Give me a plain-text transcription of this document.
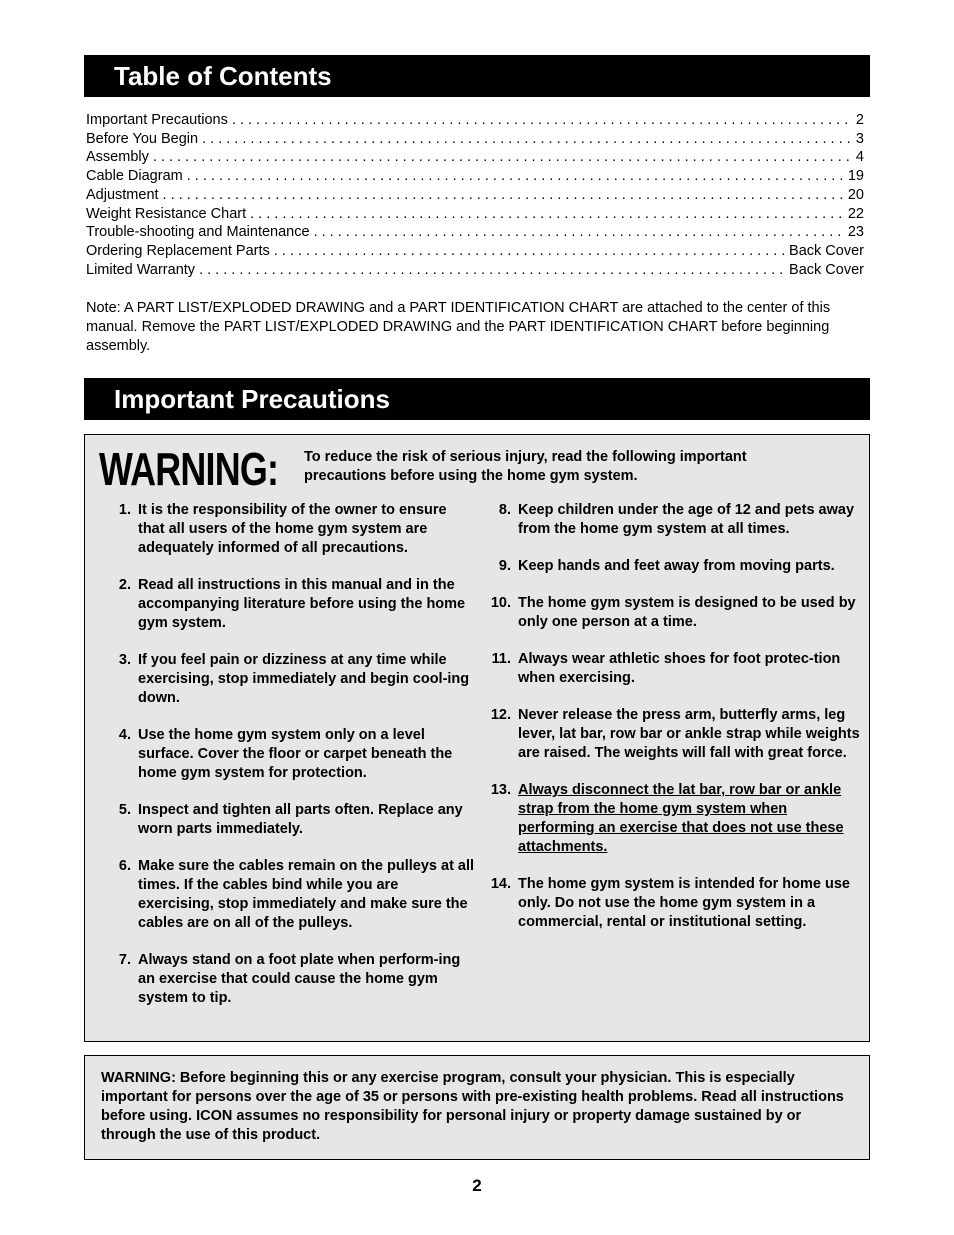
Table of Contents
Important Precautions . . .	2
Before You Begin . . .	3
Assembly . . .	4
Cable Diagram . . .	19
Adjustment . . .	20
Weight Resistance Chart . . .	22
Trouble-shooting and Maintenance . . .	23
Ordering Replacement Parts . . .	Back Cover
Limited Warranty . . .	Back Cover
Note: A PART LIST/EXPLODED DRAWING and a PART IDENTIFICATION CHART are attached to the center of this manual. Remove the PART LIST/EXPLODED DRAWING and the PART IDENTIFICATION CHART before beginning assembly.
Important Precautions
WARNING: To reduce the risk of serious injury, read the following important precautions before using the home gym system.
1. It is the responsibility of the owner to ensure that all users of the home gym system are adequately informed of all precautions.
2. Read all instructions in this manual and in the accompanying literature before using the home gym system.
3. If you feel pain or dizziness at any time while exercising, stop immediately and begin cool-ing down.
4. Use the home gym system only on a level surface. Cover the floor or carpet beneath the home gym system for protection.
5. Inspect and tighten all parts often. Replace any worn parts immediately.
6. Make sure the cables remain on the pulleys at all times. If the cables bind while you are exercising, stop immediately and make sure the cables are on all of the pulleys.
7. Always stand on a foot plate when perform-ing an exercise that could cause the home gym system to tip.
8. Keep children under the age of 12 and pets away from the home gym system at all times.
9. Keep hands and feet away from moving parts.
10. The home gym system is designed to be used by only one person at a time.
11. Always wear athletic shoes for foot protec-tion when exercising.
12. Never release the press arm, butterfly arms, leg lever, lat bar, row bar or ankle strap while weights are raised. The weights will fall with great force.
13. Always disconnect the lat bar, row bar or ankle strap from the home gym system when performing an exercise that does not use these attachments.
14. The home gym system is intended for home use only. Do not use the home gym system in a commercial, rental or institutional setting.
WARNING: Before beginning this or any exercise program, consult your physician. This is especially important for persons over the age of 35 or persons with pre-existing health problems. Read all instructions before using. ICON assumes no responsibility for personal injury or property damage sustained by or through the use of this product.
2
